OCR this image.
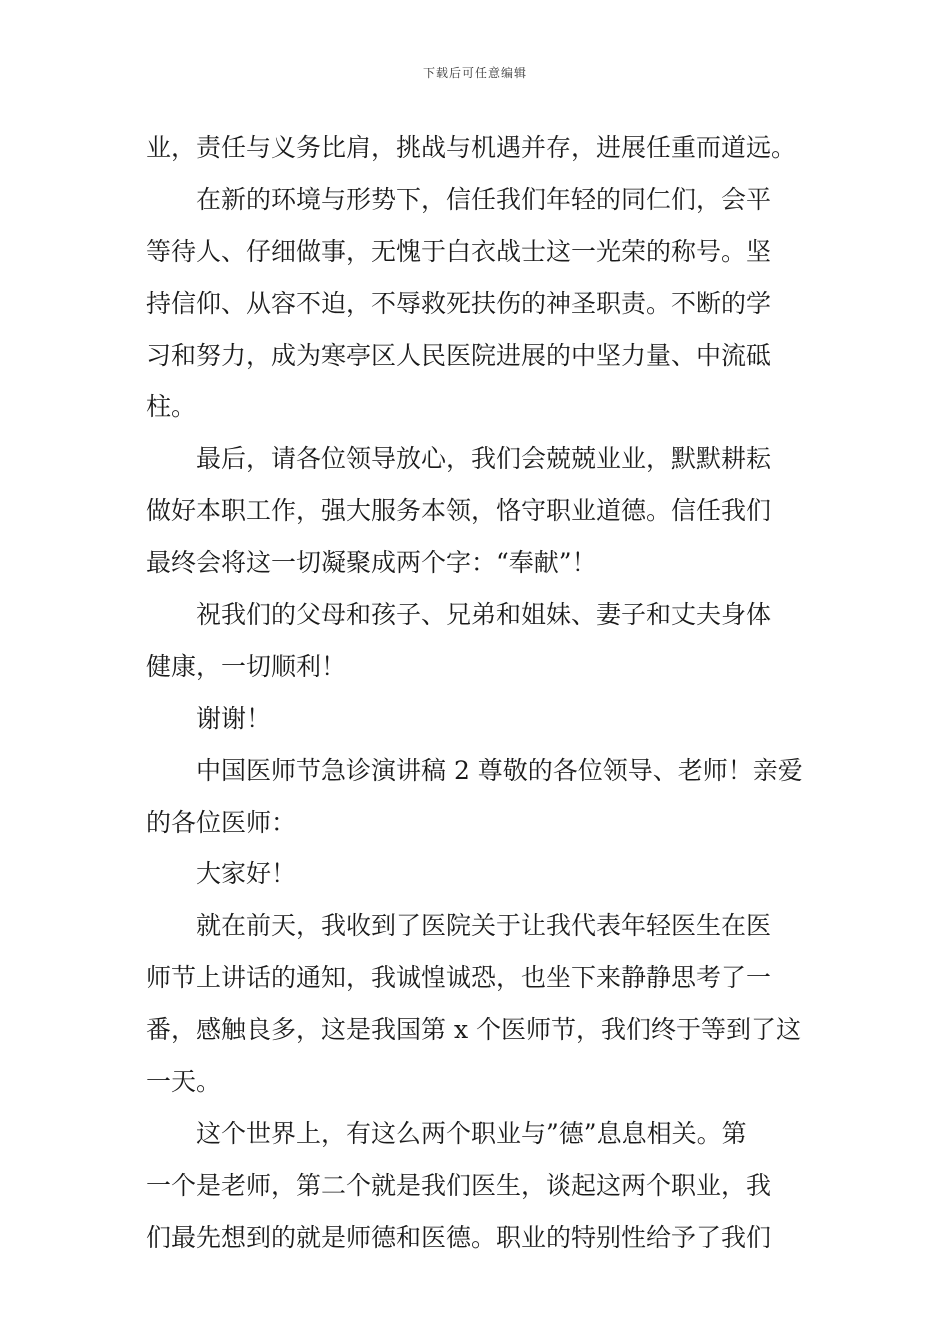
下载后可任意编辑
业，责任与义务比肩，挑战与机遇并存，进展任重而道远。
在新的环境与形势下，信任我们年轻的同仁们，会平
等待人、仔细做事，无愧于白衣战士这一光荣的称号。坚
持信仰、从容不迫，不辱救死扶伤的神圣职责。不断的学
习和努力，成为寒亭区人民医院进展的中坚力量、中流砥
柱。
最后，请各位领导放心，我们会兢兢业业，默默耕耘
做好本职工作，强大服务本领，恪守职业道德。信任我们
最终会将这一切凝聚成两个字：“奉献”！
祝我们的父母和孩子、兄弟和姐妹、妻子和丈夫身体
健康，一切顺利！
谢谢！
中国医师节急诊演讲稿 2 尊敬的各位领导、老师！亲爱
的各位医师：
大家好！
就在前天，我收到了医院关于让我代表年轻医生在医
师节上讲话的通知，我诚惶诚恐，也坐下来静静思考了一
番，感触良多，这是我国第 x 个医师节，我们终于等到了这
一天。
这个世界上，有这么两个职业与”德”息息相关。第
一个是老师，第二个就是我们医生，谈起这两个职业，我
们最先想到的就是师德和医德。职业的特别性给予了我们
